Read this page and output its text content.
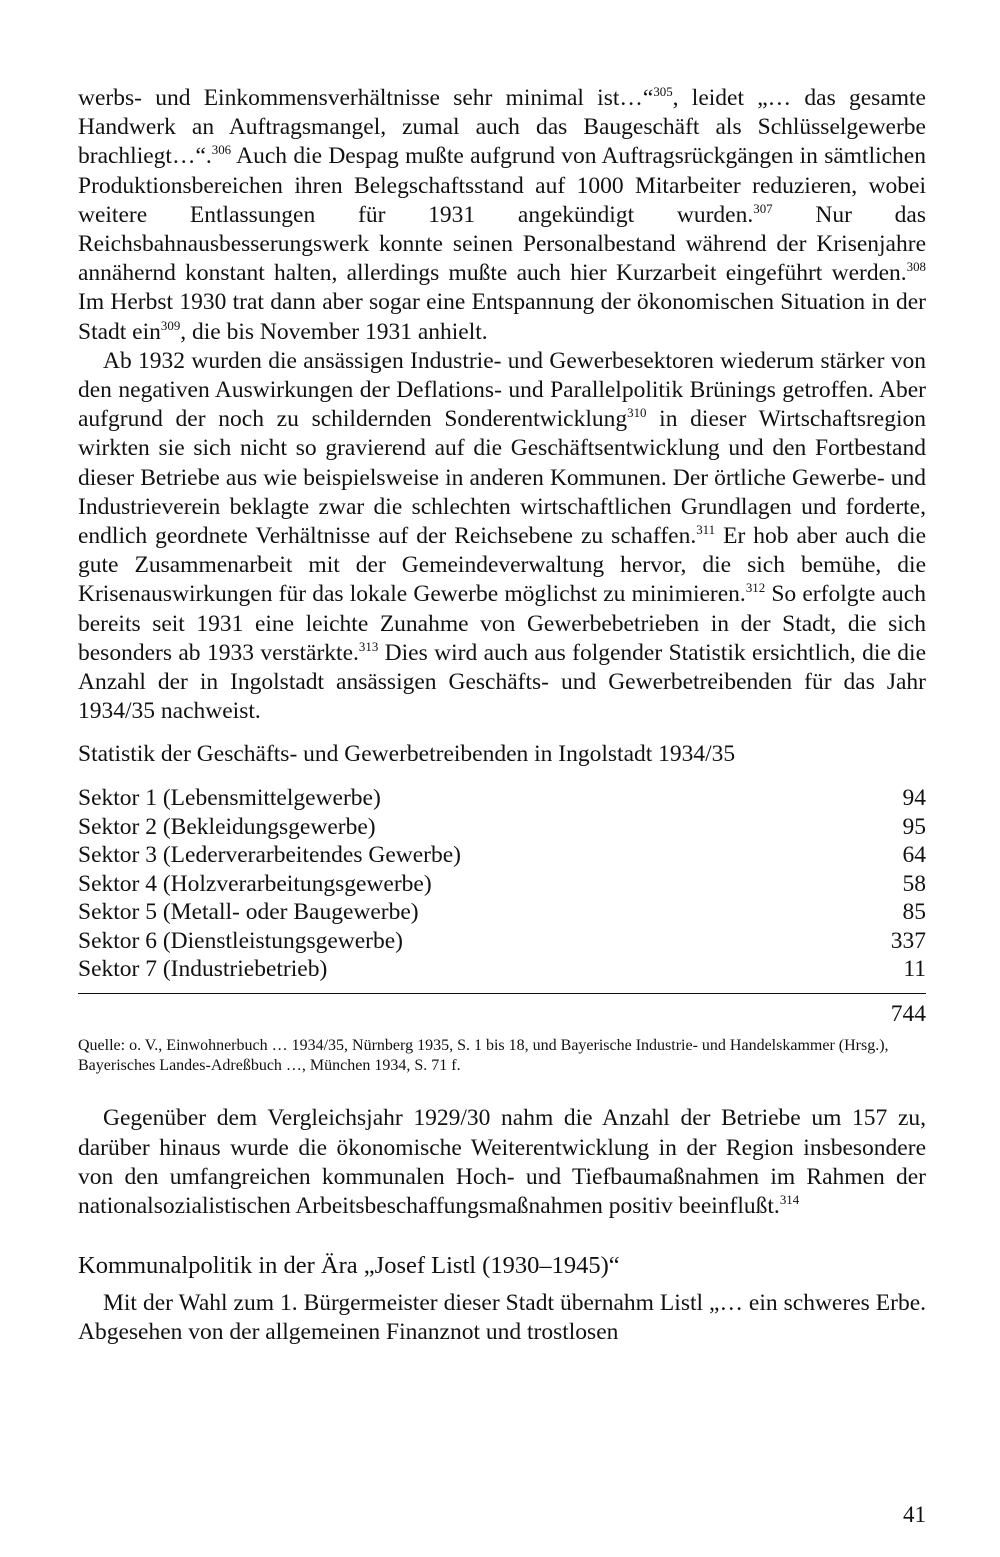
werbs- und Einkommensverhältnisse sehr minimal ist…“$^{305}$, leidet „… das gesamte Handwerk an Auftragsmangel, zumal auch das Baugeschäft als Schlüsselgewerbe brachliegt…“.$^{306}$ Auch die Despag mußte aufgrund von Auftragsrückgängen in sämtlichen Produktionsbereichen ihren Belegschaftsstand auf 1000 Mitarbeiter reduzieren, wobei weitere Entlassungen für 1931 angekündigt wurden.$^{307}$ Nur das Reichsbahnausbesserungswerk konnte seinen Personalbestand während der Krisenjahre annähernd konstant halten, allerdings mußte auch hier Kurzarbeit eingeführt werden.$^{308}$ Im Herbst 1930 trat dann aber sogar eine Entspannung der ökonomischen Situation in der Stadt ein$^{309}$, die bis November 1931 anhielt.

Ab 1932 wurden die ansässigen Industrie- und Gewerbesektoren wiederum stärker von den negativen Auswirkungen der Deflations- und Parallelpolitik Brünings getroffen. Aber aufgrund der noch zu schildernden Sonderentwicklung$^{310}$ in dieser Wirtschaftsregion wirkten sie sich nicht so gravierend auf die Geschäftsentwicklung und den Fortbestand dieser Betriebe aus wie beispielsweise in anderen Kommunen. Der örtliche Gewerbe- und Industrieverein beklagte zwar die schlechten wirtschaftlichen Grundlagen und forderte, endlich geordnete Verhältnisse auf der Reichsebene zu schaffen.$^{311}$ Er hob aber auch die gute Zusammenarbeit mit der Gemeindeverwaltung hervor, die sich bemühe, die Krisenauswirkungen für das lokale Gewerbe möglichst zu minimieren.$^{312}$ So erfolgte auch bereits seit 1931 eine leichte Zunahme von Gewerbebetrieben in der Stadt, die sich besonders ab 1933 verstärkte.$^{313}$ Dies wird auch aus folgender Statistik ersichtlich, die die Anzahl der in Ingolstadt ansässigen Geschäfts- und Gewerbetreibenden für das Jahr 1934/35 nachweist.

Statistik der Geschäfts- und Gewerbetreibenden in Ingolstadt 1934/35
Sektor 1 (Lebensmittelgewerbe)	94
Sektor 2 (Bekleidungsgewerbe)	95
Sektor 3 (Lederverarbeitendes Gewerbe)	64
Sektor 4 (Holzverarbeitungsgewerbe)	58
Sektor 5 (Metall- oder Baugewerbe)	85
Sektor 6 (Dienstleistungsgewerbe)	337
Sektor 7 (Industriebetrieb)	11
744
Quelle: o. V., Einwohnerbuch … 1934/35, Nürnberg 1935, S. 1 bis 18, und Bayerische Industrie- und Handelskammer (Hrsg.), Bayerisches Landes-Adreßbuch …, München 1934, S. 71 f.

Gegenüber dem Vergleichsjahr 1929/30 nahm die Anzahl der Betriebe um 157 zu, darüber hinaus wurde die ökonomische Weiterentwicklung in der Region insbesondere von den umfangreichen kommunalen Hoch- und Tiefbaumaßnahmen im Rahmen der nationalsozialistischen Arbeitsbeschaffungsmaßnahmen positiv beeinflußt.$^{314}$

Kommunalpolitik in der Ära „Josef Listl (1930–1945)“

Mit der Wahl zum 1. Bürgermeister dieser Stadt übernahm Listl „… ein schweres Erbe. Abgesehen von der allgemeinen Finanznot und trostlosen

41
